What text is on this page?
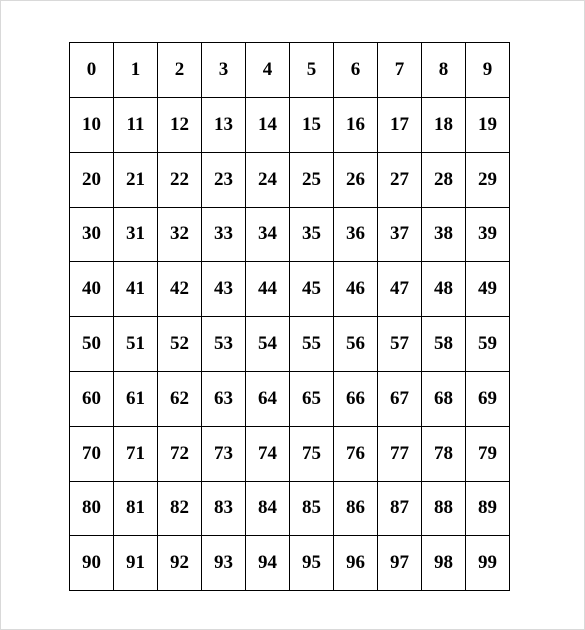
0	1	2	3	4	5	6	7	8	9
10	11	12	13	14	15	16	17	18	19
20	21	22	23	24	25	26	27	28	29
30	31	32	33	34	35	36	37	38	39
40	41	42	43	44	45	46	47	48	49
50	51	52	53	54	55	56	57	58	59
60	61	62	63	64	65	66	67	68	69
70	71	72	73	74	75	76	77	78	79
80	81	82	83	84	85	86	87	88	89
90	91	92	93	94	95	96	97	98	99
